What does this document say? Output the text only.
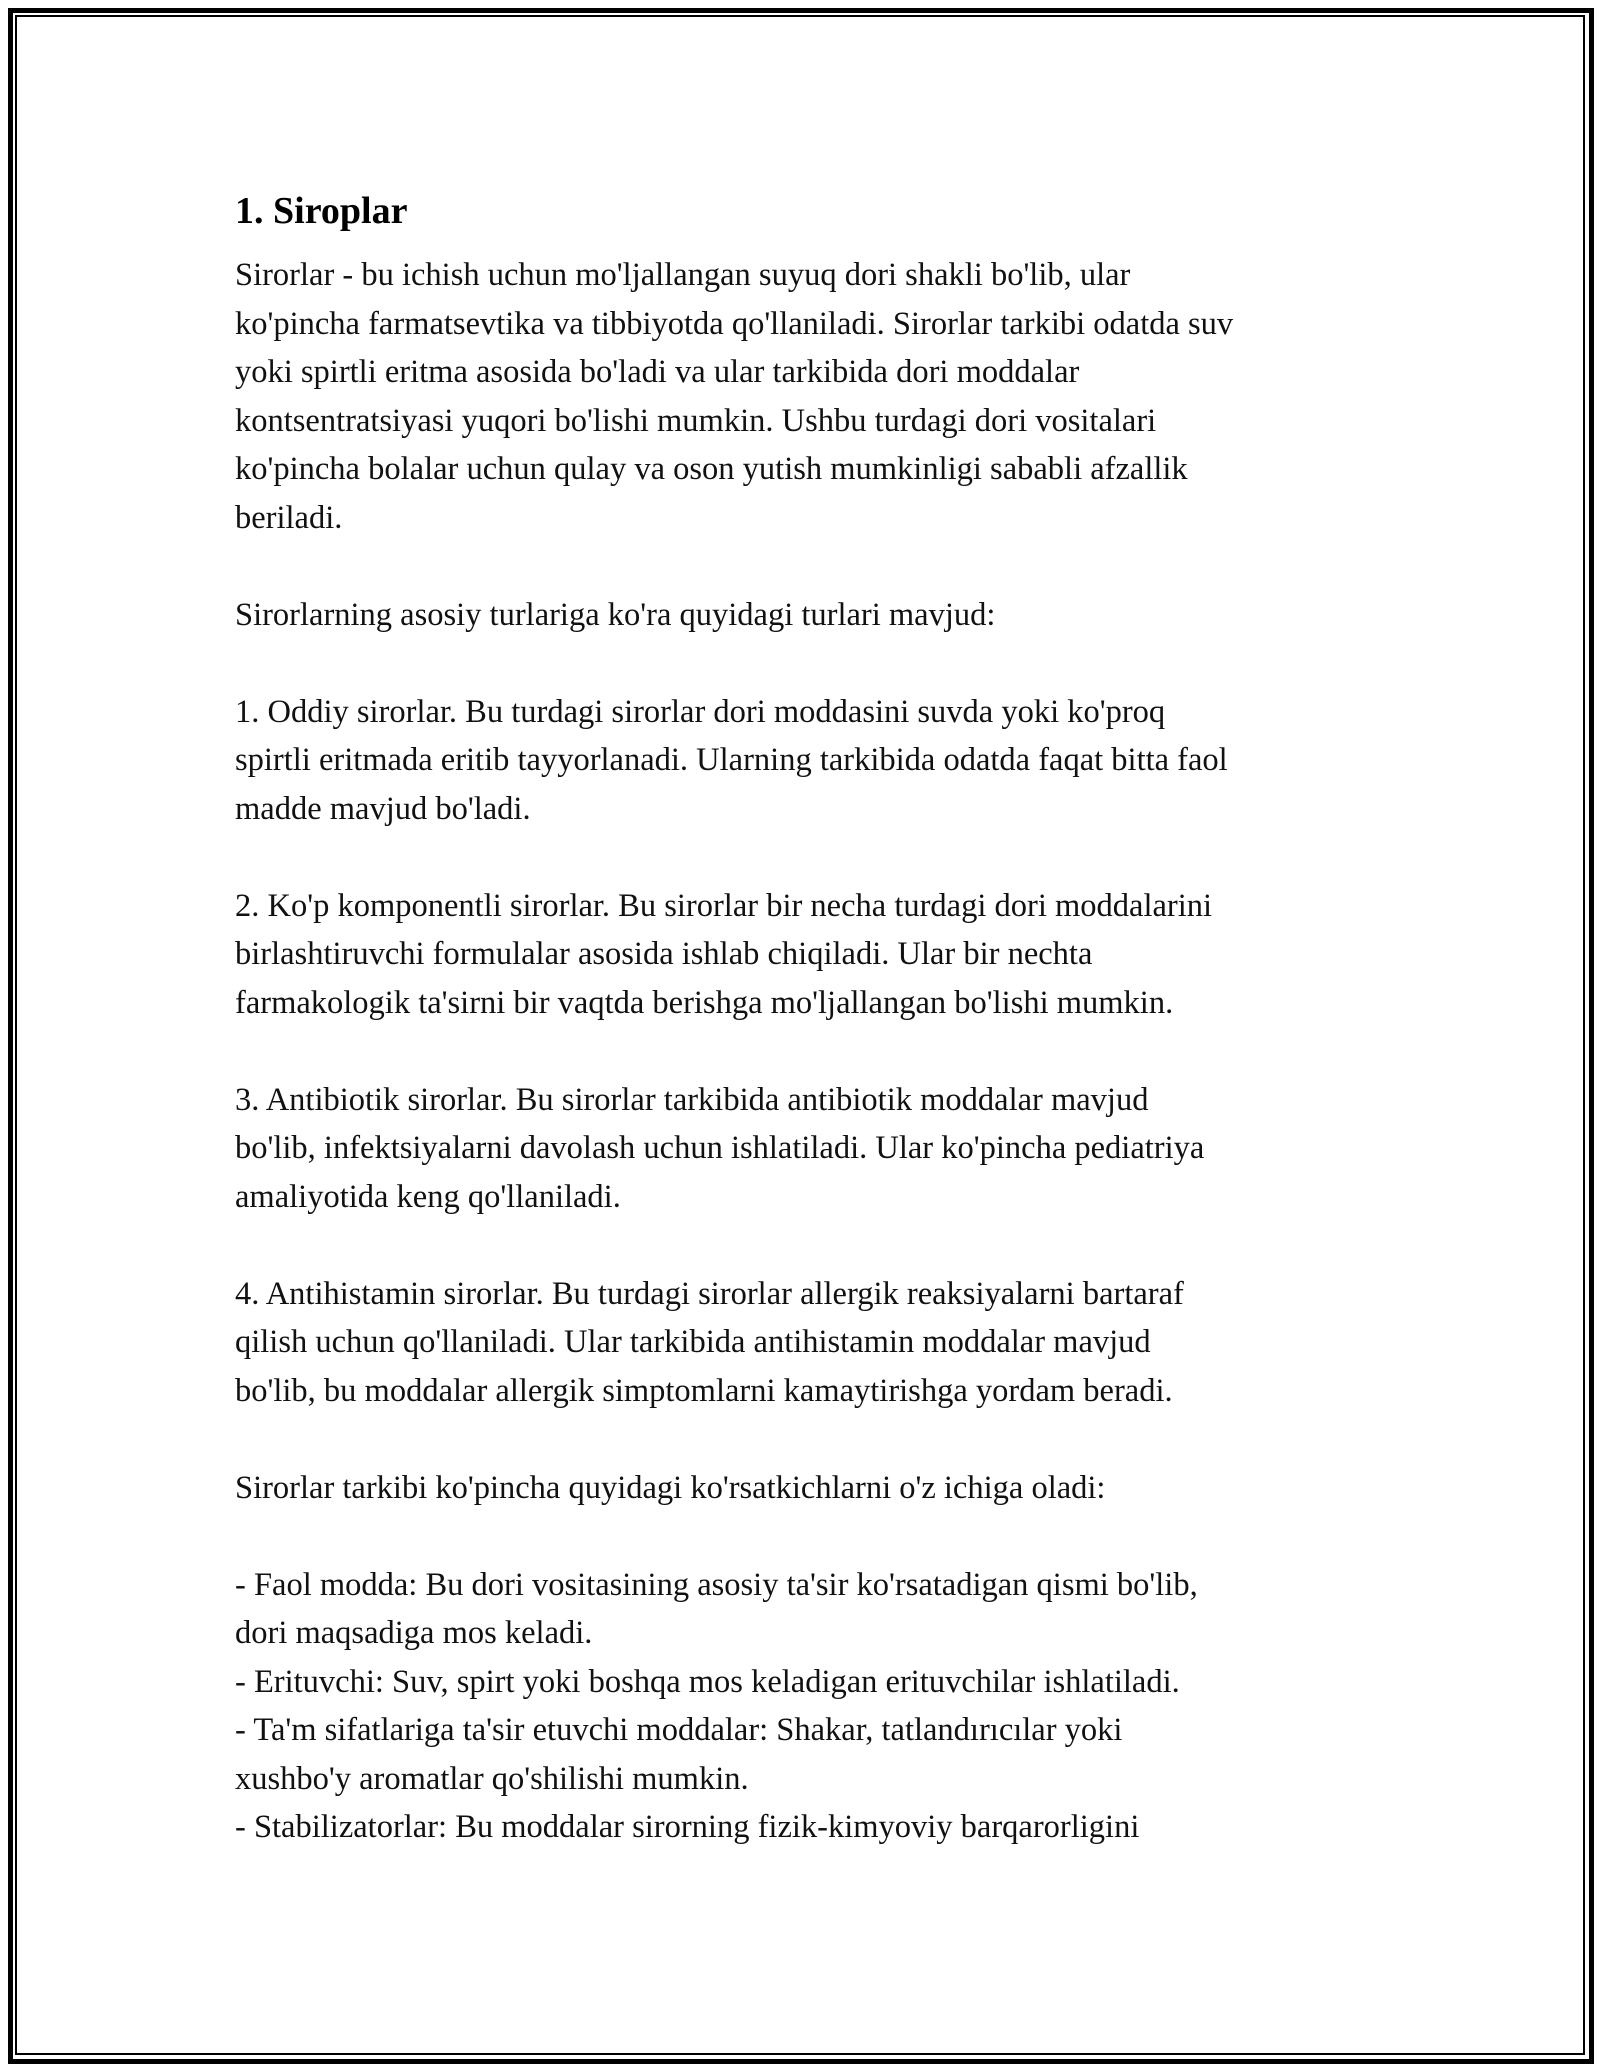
1. Siroplar

Sirorlar - bu ichish uchun mo'ljallangan suyuq dori shakli bo'lib, ular

ko'pincha farmatsevtika va tibbiyotda qo'llaniladi. Sirorlar tarkibi odatda suv

yoki spirtli eritma asosida bo'ladi va ular tarkibida dori moddalar

kontsentratsiyasi yuqori bo'lishi mumkin. Ushbu turdagi dori vositalari

ko'pincha bolalar uchun qulay va oson yutish mumkinligi sababli afzallik

beriladi.

Sirorlarning asosiy turlariga ko'ra quyidagi turlari mavjud:

1. Oddiy sirorlar. Bu turdagi sirorlar dori moddasini suvda yoki ko'proq

spirtli eritmada eritib tayyorlanadi. Ularning tarkibida odatda faqat bitta faol

madde mavjud bo'ladi.

2. Ko'p komponentli sirorlar. Bu sirorlar bir necha turdagi dori moddalarini

birlashtiruvchi formulalar asosida ishlab chiqiladi. Ular bir nechta

farmakologik ta'sirni bir vaqtda berishga mo'ljallangan bo'lishi mumkin.

3. Antibiotik sirorlar. Bu sirorlar tarkibida antibiotik moddalar mavjud

bo'lib, infektsiyalarni davolash uchun ishlatiladi. Ular ko'pincha pediatriya

amaliyotida keng qo'llaniladi.

4. Antihistamin sirorlar. Bu turdagi sirorlar allergik reaksiyalarni bartaraf

qilish uchun qo'llaniladi. Ular tarkibida antihistamin moddalar mavjud

bo'lib, bu moddalar allergik simptomlarni kamaytirishga yordam beradi.

Sirorlar tarkibi ko'pincha quyidagi ko'rsatkichlarni o'z ichiga oladi:

- Faol modda: Bu dori vositasining asosiy ta'sir ko'rsatadigan qismi bo'lib,

dori maqsadiga mos keladi.

- Erituvchi: Suv, spirt yoki boshqa mos keladigan erituvchilar ishlatiladi.

- Ta'm sifatlariga ta'sir etuvchi moddalar: Shakar, tatlandırıcılar yoki

xushbo'y aromatlar qo'shilishi mumkin.

- Stabilizatorlar: Bu moddalar sirorning fizik-kimyoviy barqarorligini
